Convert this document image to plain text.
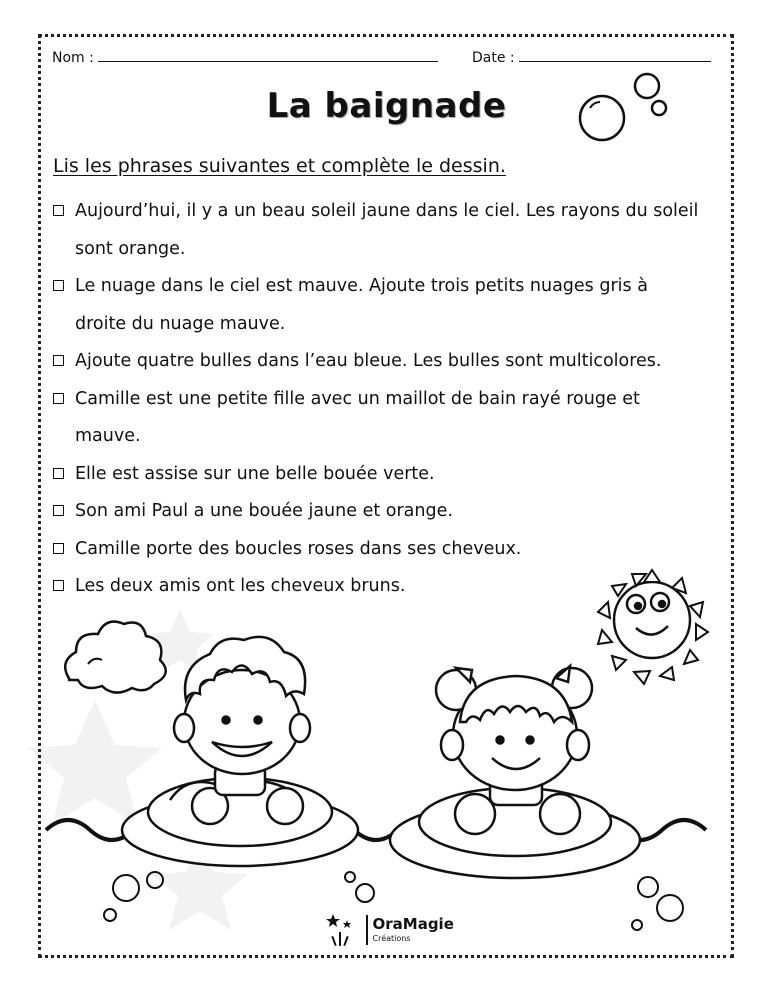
Nom :	Date :
La baignade
Lis les phrases suivantes et complète le dessin.
Aujourd’hui, il y a un beau soleil jaune dans le ciel. Les rayons du soleil
sont orange.
Le nuage dans le ciel est mauve. Ajoute trois petits nuages gris à
droite du nuage mauve.
Ajoute quatre bulles dans l’eau bleue. Les bulles sont multicolores.
Camille est une petite fille avec un maillot de bain rayé rouge et
mauve.
Elle est assise sur une belle bouée verte.
Son ami Paul a une bouée jaune et orange.
Camille porte des boucles roses dans ses cheveux.
Les deux amis ont les cheveux bruns.
OraMagie
Créations
